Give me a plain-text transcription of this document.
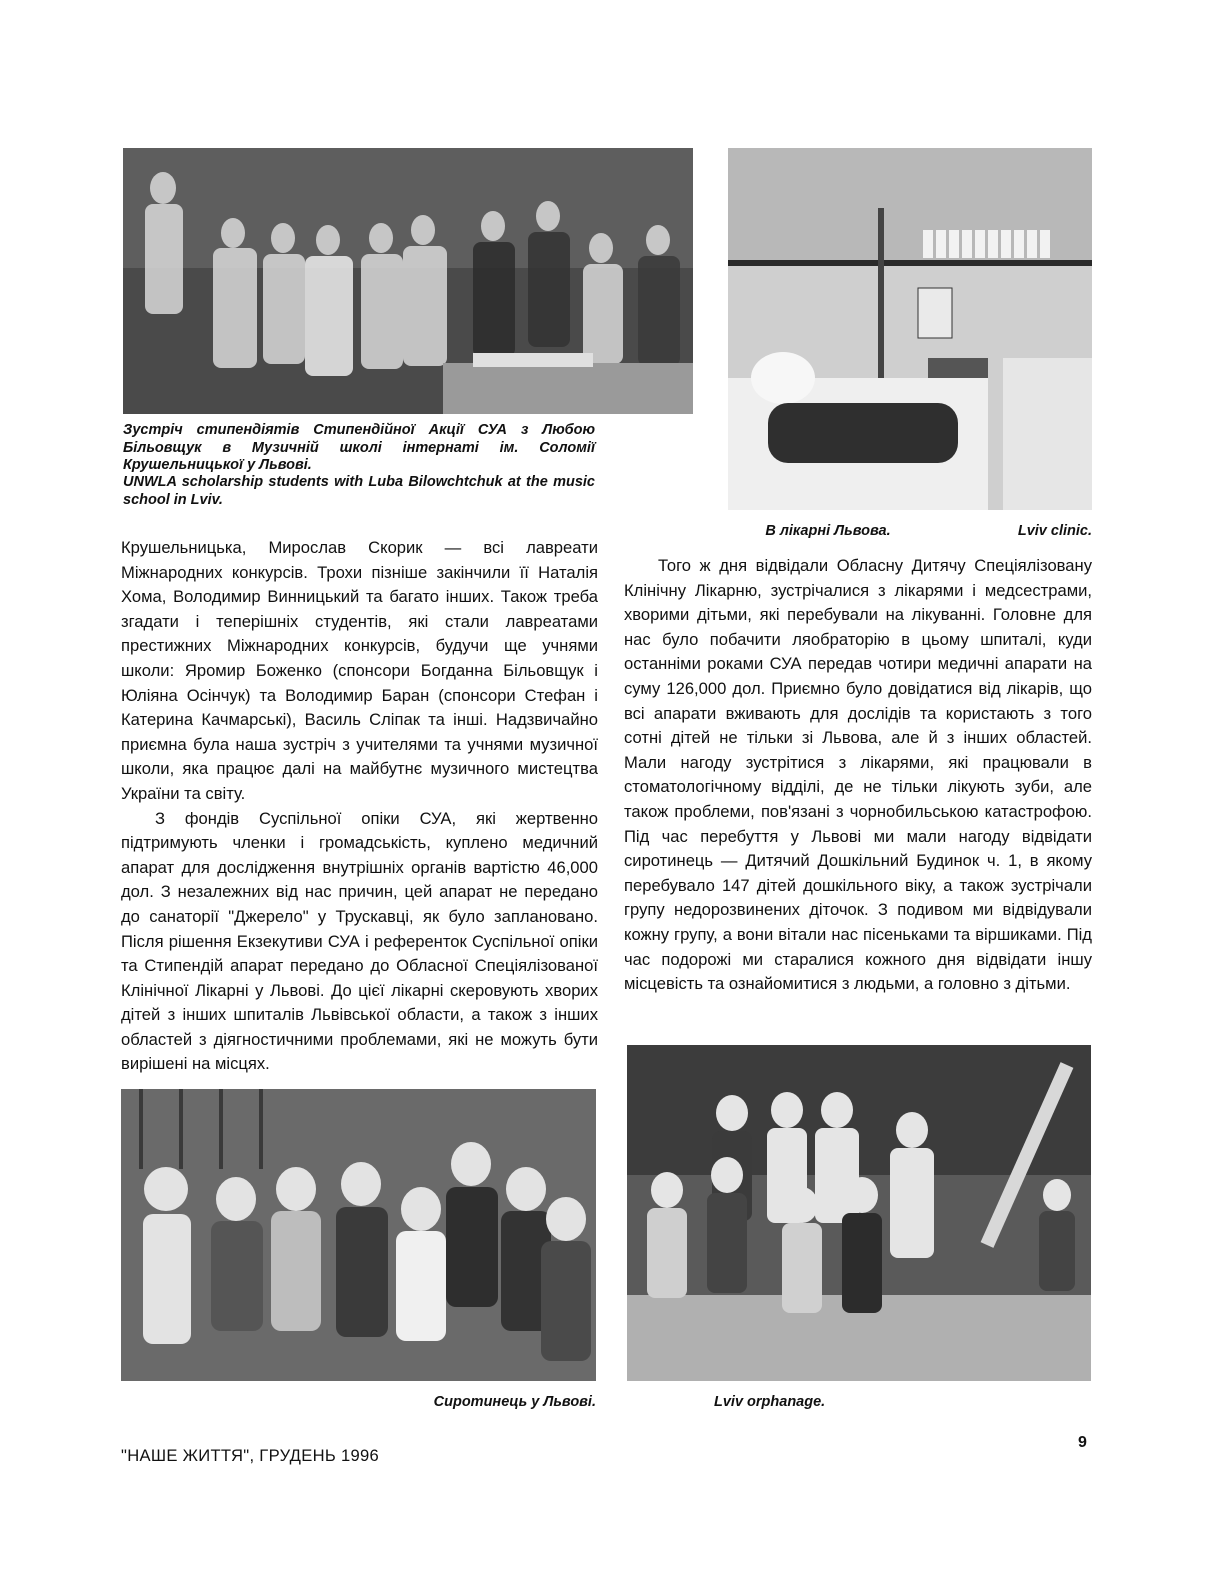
Зустріч стипендіятів Стипендійної Акції СУА з Любою Більовщук в Музичній школі інтернаті ім. Соломії Крушельницької у Львові.
UNWLA scholarship students with Luba Bilowchtchuk at the music school in Lviv.
В лікарні Львова.	Lviv clinic.

Крушельницька, Мирослав Скорик — всі лавреати Міжнародних конкурсів. Трохи пізніше закінчили її Наталія Хома, Володимир Винницький та багато інших. Також треба згадати і теперішніх студентів, які стали лавреатами престижних Міжнародних конкурсів, будучи ще учнями школи: Яромир Боженко (спонсори Богданна Більовщук і Юліяна Осінчук) та Володимир Баран (спонсори Стефан і Катерина Качмарські), Василь Сліпак та інші. Надзвичайно приємна була наша зустріч з учителями та учнями музичної школи, яка працює далі на майбутнє музичного мистецтва України та світу.

З фондів Суспільної опіки СУА, які жертвенно підтримують членки і громадськість, куплено медичний апарат для дослідження внутрішніх органів вартістю 46,000 дол. З незалежних від нас причин, цей апарат не передано до санаторії "Джерело" у Трускавці, як було заплановано. Після рішення Екзекутиви СУА і референток Суспільної опіки та Стипендій апарат передано до Обласної Спеціялізованої Клінічної Лікарні у Львові. До цієї лікарні скеровують хворих дітей з інших шпиталів Львівської области, а також з інших областей з діягностичними проблемами, які не можуть бути вирішені на місцях.

Того ж дня відвідали Обласну Дитячу Спеціялізовану Клінічну Лікарню, зустрічалися з лікарями і медсестрами, хворими дітьми, які перебували на лікуванні. Головне для нас було побачити ляобраторію в цьому шпиталі, куди останніми роками СУА передав чотири медичні апарати на суму 126,000 дол. Приємно було довідатися від лікарів, що всі апарати вживають для дослідів та користають з того сотні дітей не тільки зі Львова, але й з інших областей. Мали нагоду зустрітися з лікарями, які працювали в стоматологічному відділі, де не тільки лікують зуби, але також проблеми, пов'язані з чорнобильською катастрофою. Під час перебуття у Львові ми мали нагоду відвідати сиротинець — Дитячий Дошкільний Будинок ч. 1, в якому перебувало 147 дітей дошкільного віку, а також зустрічали групу недорозвинених діточок. З подивом ми відвідували кожну групу, а вони вітали нас пісеньками та віршиками. Під час подорожі ми старалися кожного дня відвідати іншу місцевість та ознайомитися з людьми, а головно з дітьми.

Сиротинець у Львові.	Lviv orphanage.
"НАШЕ ЖИТТЯ", ГРУДЕНЬ 1996
9
